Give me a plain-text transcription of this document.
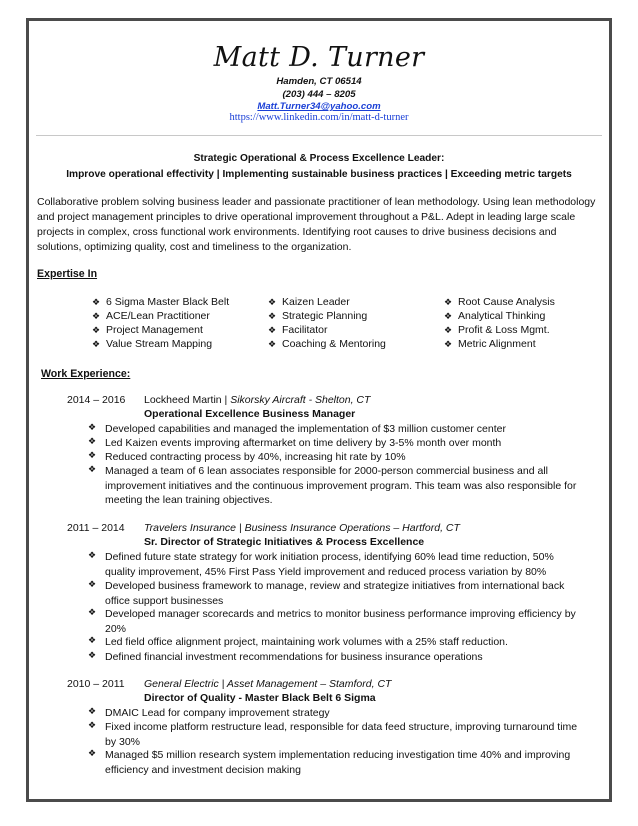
Matt D. Turner
Hamden, CT 06514
(203) 444 – 8205
Matt.Turner34@yahoo.com
https://www.linkedin.com/in/matt-d-turner
Strategic Operational & Process Excellence Leader:
Improve operational effectivity | Implementing sustainable business practices | Exceeding metric targets
Collaborative problem solving business leader and passionate practitioner of lean methodology. Using lean methodology and project management principles to drive operational improvement throughout a P&L. Adept in leading large scale projects in complex, cross functional work environments. Identifying root causes to drive business decisions and solutions, optimizing quality, cost and timeliness to the organization.
Expertise In
❖ 6 Sigma Master Black Belt
❖ ACE/Lean Practitioner
❖ Project Management
❖ Value Stream Mapping
❖ Kaizen Leader
❖ Strategic Planning
❖ Facilitator
❖ Coaching & Mentoring
❖ Root Cause Analysis
❖ Analytical Thinking
❖ Profit & Loss Mgmt.
❖ Metric Alignment
Work Experience:
2014 – 2016 Lockheed Martin | Sikorsky Aircraft - Shelton, CT
Operational Excellence Business Manager
❖ Developed capabilities and managed the implementation of $3 million customer center
❖ Led Kaizen events improving aftermarket on time delivery by 3-5% month over month
❖ Reduced contracting process by 40%, increasing hit rate by 10%
❖ Managed a team of 6 lean associates responsible for 2000-person commercial business and all improvement initiatives and the continuous improvement program. This team was also responsible for meeting the lean training objectives.
2011 – 2014 Travelers Insurance | Business Insurance Operations – Hartford, CT
Sr. Director of Strategic Initiatives & Process Excellence
❖ Defined future state strategy for work initiation process, identifying 60% lead time reduction, 50% quality improvement, 45% First Pass Yield improvement and reduced process variation by 80%
❖ Developed business framework to manage, review and strategize initiatives from international back office support businesses
❖ Developed manager scorecards and metrics to monitor business performance improving efficiency by 20%
❖ Led field office alignment project, maintaining work volumes with a 25% staff reduction.
❖ Defined financial investment recommendations for business insurance operations
2010 – 2011 General Electric | Asset Management – Stamford, CT
Director of Quality - Master Black Belt 6 Sigma
❖ DMAIC Lead for company improvement strategy
❖ Fixed income platform restructure lead, responsible for data feed structure, improving turnaround time by 30%
❖ Managed $5 million research system implementation reducing investigation time 40% and improving efficiency and investment decision making
